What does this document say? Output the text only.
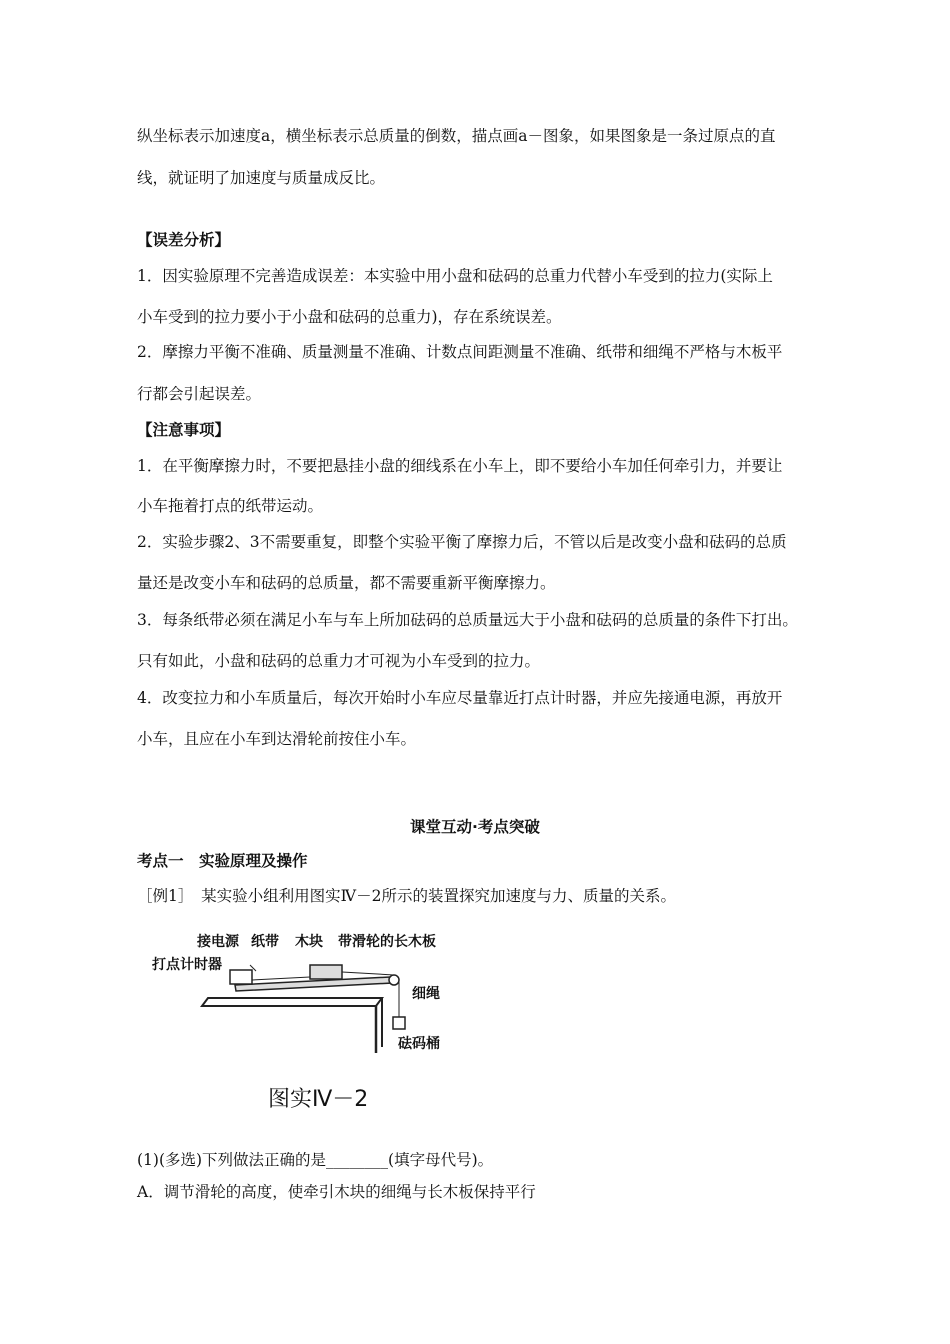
纵坐标表示加速度a，横坐标表示总质量的倒数，描点画a－图象，如果图象是一条过原点的直
线，就证明了加速度与质量成反比。
【误差分析】
1．因实验原理不完善造成误差：本实验中用小盘和砝码的总重力代替小车受到的拉力(实际上
小车受到的拉力要小于小盘和砝码的总重力)，存在系统误差。
2．摩擦力平衡不准确、质量测量不准确、计数点间距测量不准确、纸带和细绳不严格与木板平
行都会引起误差。
【注意事项】
1．在平衡摩擦力时，不要把悬挂小盘的细线系在小车上，即不要给小车加任何牵引力，并要让
小车拖着打点的纸带运动。
2．实验步骤2、3不需要重复，即整个实验平衡了摩擦力后，不管以后是改变小盘和砝码的总质
量还是改变小车和砝码的总质量，都不需要重新平衡摩擦力。
3．每条纸带必须在满足小车与车上所加砝码的总质量远大于小盘和砝码的总质量的条件下打出。
只有如此，小盘和砝码的总重力才可视为小车受到的拉力。
4．改变拉力和小车质量后，每次开始时小车应尽量靠近打点计时器，并应先接通电源，再放开
小车，且应在小车到达滑轮前按住小车。
课堂互动·考点突破
考点一　实验原理及操作
［例1］　某实验小组利用图实Ⅳ－2所示的装置探究加速度与力、质量的关系。
接电源 纸带 木块 带滑轮的长木板
打点计时器
细绳
砝码桶
图实Ⅳ－2
(1)(多选)下列做法正确的是________(填字母代号)。
A．调节滑轮的高度，使牵引木块的细绳与长木板保持平行
